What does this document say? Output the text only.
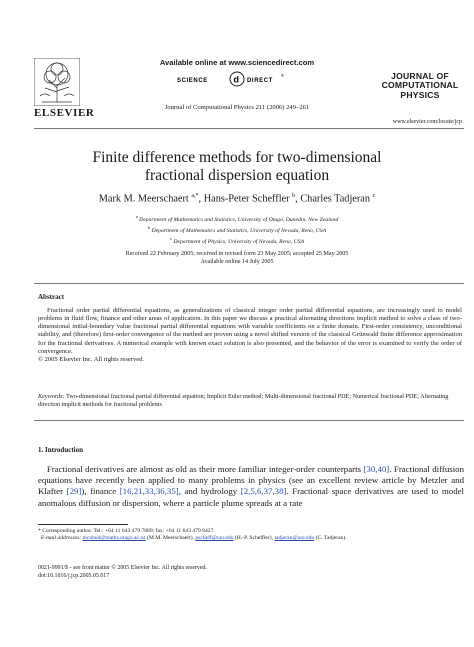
ELSEVIER
Available online at www.sciencedirect.com
SCIENCE	d DIRECT
®	JOURNAL OF
COMPUTATIONAL
PHYSICS
Journal of Computational Physics 211 (2006) 249–261
www.elsevier.com/locate/jcp
Finite difference methods for two-dimensional
fractional dispersion equation
Mark M. Meerschaert $^{a,*}$, Hans-Peter Scheffler $^b$, Charles Tadjeran $^c$
$^a$ Department of Mathematics and Statistics, University of Otago, Dunedin, New Zealand
$^b$ Department of Mathematics and Statistics, University of Nevada, Reno, USA
$^c$ Department of Physics, University of Nevada, Reno, USA
Received 22 February 2005; received in revised form 23 May 2005; accepted 25 May 2005
Available online 14 July 2005
Abstract

Fractional order partial differential equations, as generalizations of classical integer order partial differential equations, are increasingly used to model problems in fluid flow, finance and other areas of application. In this paper we discuss a practical alternating directions implicit method to solve a class of two-dimensional initial-boundary value fractional partial differential equations with variable coefficients on a finite domain. First-order consistency, unconditional stability, and (therefore) first-order convergence of the method are proven using a novel shifted version of the classical Grünwald finite difference approximation for the fractional derivatives. A numerical example with known exact solution is also presented, and the behavior of the error is examined to verify the order of convergence.

© 2005 Elsevier Inc. All rights reserved.

Keywords: Two-dimensional fractional partial differential equation; Implicit Euler method; Multi-dimensional fractional PDE; Numerical fractional PDE; Alternating direction implicit methods for fractional problems
1. Introduction
 Fractional derivatives are almost as old as their more familiar integer-order counterparts [30,40]. Fractional diffusion equations have recently been applied to many problems in physics (see an excellent review article by Metzler and Klafter [29]), finance [16,21,33,36,35], and hydrology [2,5,6,37,38]. Fractional space derivatives are used to model anomalous diffusion or dispersion, where a particle plume spreads at a rate
* Corresponding author. Tel.: +64 11 643 479 7889; fax: +64 11 643 479 8427.
E-mail addresses: mcubed@maths.otago.ac.nz (M.M. Meerschaert), pscheff@unr.edu (H.-P. Scheffler), tadjeran@unr.edu (C. Tadjeran).
0021-9991/$ - see front matter © 2005 Elsevier Inc. All rights reserved.
doi:10.1016/j.jcp.2005.05.017
